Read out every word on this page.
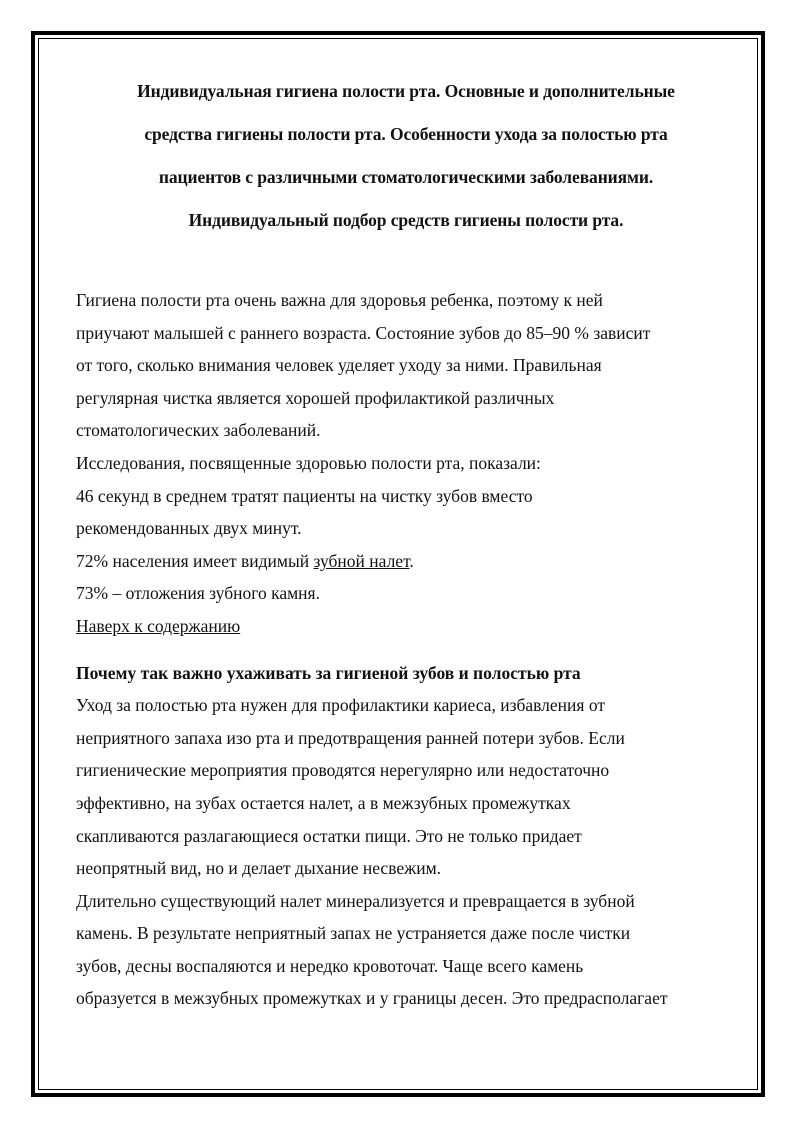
Индивидуальная гигиена полости рта. Основные и дополнительные
средства гигиены полости рта. Особенности ухода за полостью рта
пациентов с различными стоматологическими заболеваниями.
Индивидуальный подбор средств гигиены полости рта.
Гигиена полости рта очень важна для здоровья ребенка, поэтому к ней
приучают малышей с раннего возраста. Состояние зубов до 85–90 % зависит
от того, сколько внимания человек уделяет уходу за ними. Правильная
регулярная чистка является хорошей профилактикой различных
стоматологических заболеваний.
Исследования, посвященные здоровью полости рта, показали:
46 секунд в среднем тратят пациенты на чистку зубов вместо
рекомендованных двух минут.
72% населения имеет видимый зубной налет.
73% – отложения зубного камня.
Наверх к содержанию
Почему так важно ухаживать за гигиеной зубов и полостью рта
Уход за полостью рта нужен для профилактики кариеса, избавления от
неприятного запаха изо рта и предотвращения ранней потери зубов. Если
гигиенические мероприятия проводятся нерегулярно или недостаточно
эффективно, на зубах остается налет, а в межзубных промежутках
скапливаются разлагающиеся остатки пищи. Это не только придает
неопрятный вид, но и делает дыхание несвежим.
Длительно существующий налет минерализуется и превращается в зубной
камень. В результате неприятный запах не устраняется даже после чистки
зубов, десны воспаляются и нередко кровоточат. Чаще всего камень
образуется в межзубных промежутках и у границы десен. Это предрасполагает
